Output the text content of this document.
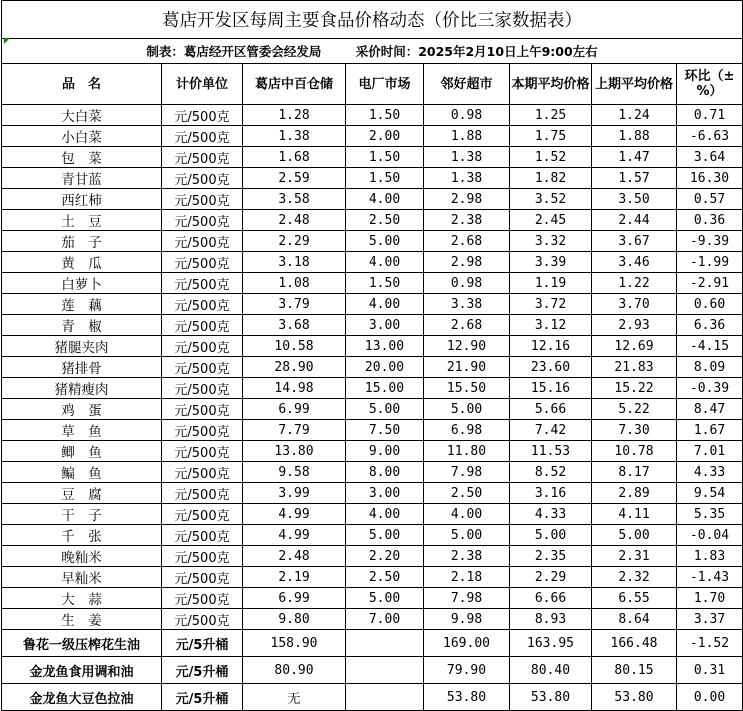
葛店开发区每周主要食品价格动态（价比三家数据表）							
制表：葛店经开区管委会经发局 采价时间：2025年2月10日上午9:00左右							
品　名	计价单位	葛店中百仓储	电厂市场	邻好超市	本期平均价格	上期平均价格	环比（±%）
大白菜	元/500克	1.28	1.50	0.98	1.25	1.24	0.71
小白菜	元/500克	1.38	2.00	1.88	1.75	1.88	-6.63
包　菜	元/500克	1.68	1.50	1.38	1.52	1.47	3.64
青甘蓝	元/500克	2.59	1.50	1.38	1.82	1.57	16.30
西红柿	元/500克	3.58	4.00	2.98	3.52	3.50	0.57
土　豆	元/500克	2.48	2.50	2.38	2.45	2.44	0.36
茄　子	元/500克	2.29	5.00	2.68	3.32	3.67	-9.39
黄　瓜	元/500克	3.18	4.00	2.98	3.39	3.46	-1.99
白萝卜	元/500克	1.08	1.50	0.98	1.19	1.22	-2.91
莲　藕	元/500克	3.79	4.00	3.38	3.72	3.70	0.60
青　椒	元/500克	3.68	3.00	2.68	3.12	2.93	6.36
猪腿夹肉	元/500克	10.58	13.00	12.90	12.16	12.69	-4.15
猪排骨	元/500克	28.90	20.00	21.90	23.60	21.83	8.09
猪精瘦肉	元/500克	14.98	15.00	15.50	15.16	15.22	-0.39
鸡　蛋	元/500克	6.99	5.00	5.00	5.66	5.22	8.47
草　鱼	元/500克	7.79	7.50	6.98	7.42	7.30	1.67
鲫　鱼	元/500克	13.80	9.00	11.80	11.53	10.78	7.01
鳊　鱼	元/500克	9.58	8.00	7.98	8.52	8.17	4.33
豆　腐	元/500克	3.99	3.00	2.50	3.16	2.89	9.54
干　子	元/500克	4.99	4.00	4.00	4.33	4.11	5.35
千　张	元/500克	4.99	5.00	5.00	5.00	5.00	-0.04
晚籼米	元/500克	2.48	2.20	2.38	2.35	2.31	1.83
早籼米	元/500克	2.19	2.50	2.18	2.29	2.32	-1.43
大　蒜	元/500克	6.99	5.00	7.98	6.66	6.55	1.70
生　姜	元/500克	9.80	7.00	9.98	8.93	8.64	3.37
鲁花一级压榨花生油	元/5升桶	158.90		169.00	163.95	166.48	-1.52
金龙鱼食用调和油	元/5升桶	80.90		79.90	80.40	80.15	0.31
金龙鱼大豆色拉油	元/5升桶	无		53.80	53.80	53.80	0.00
